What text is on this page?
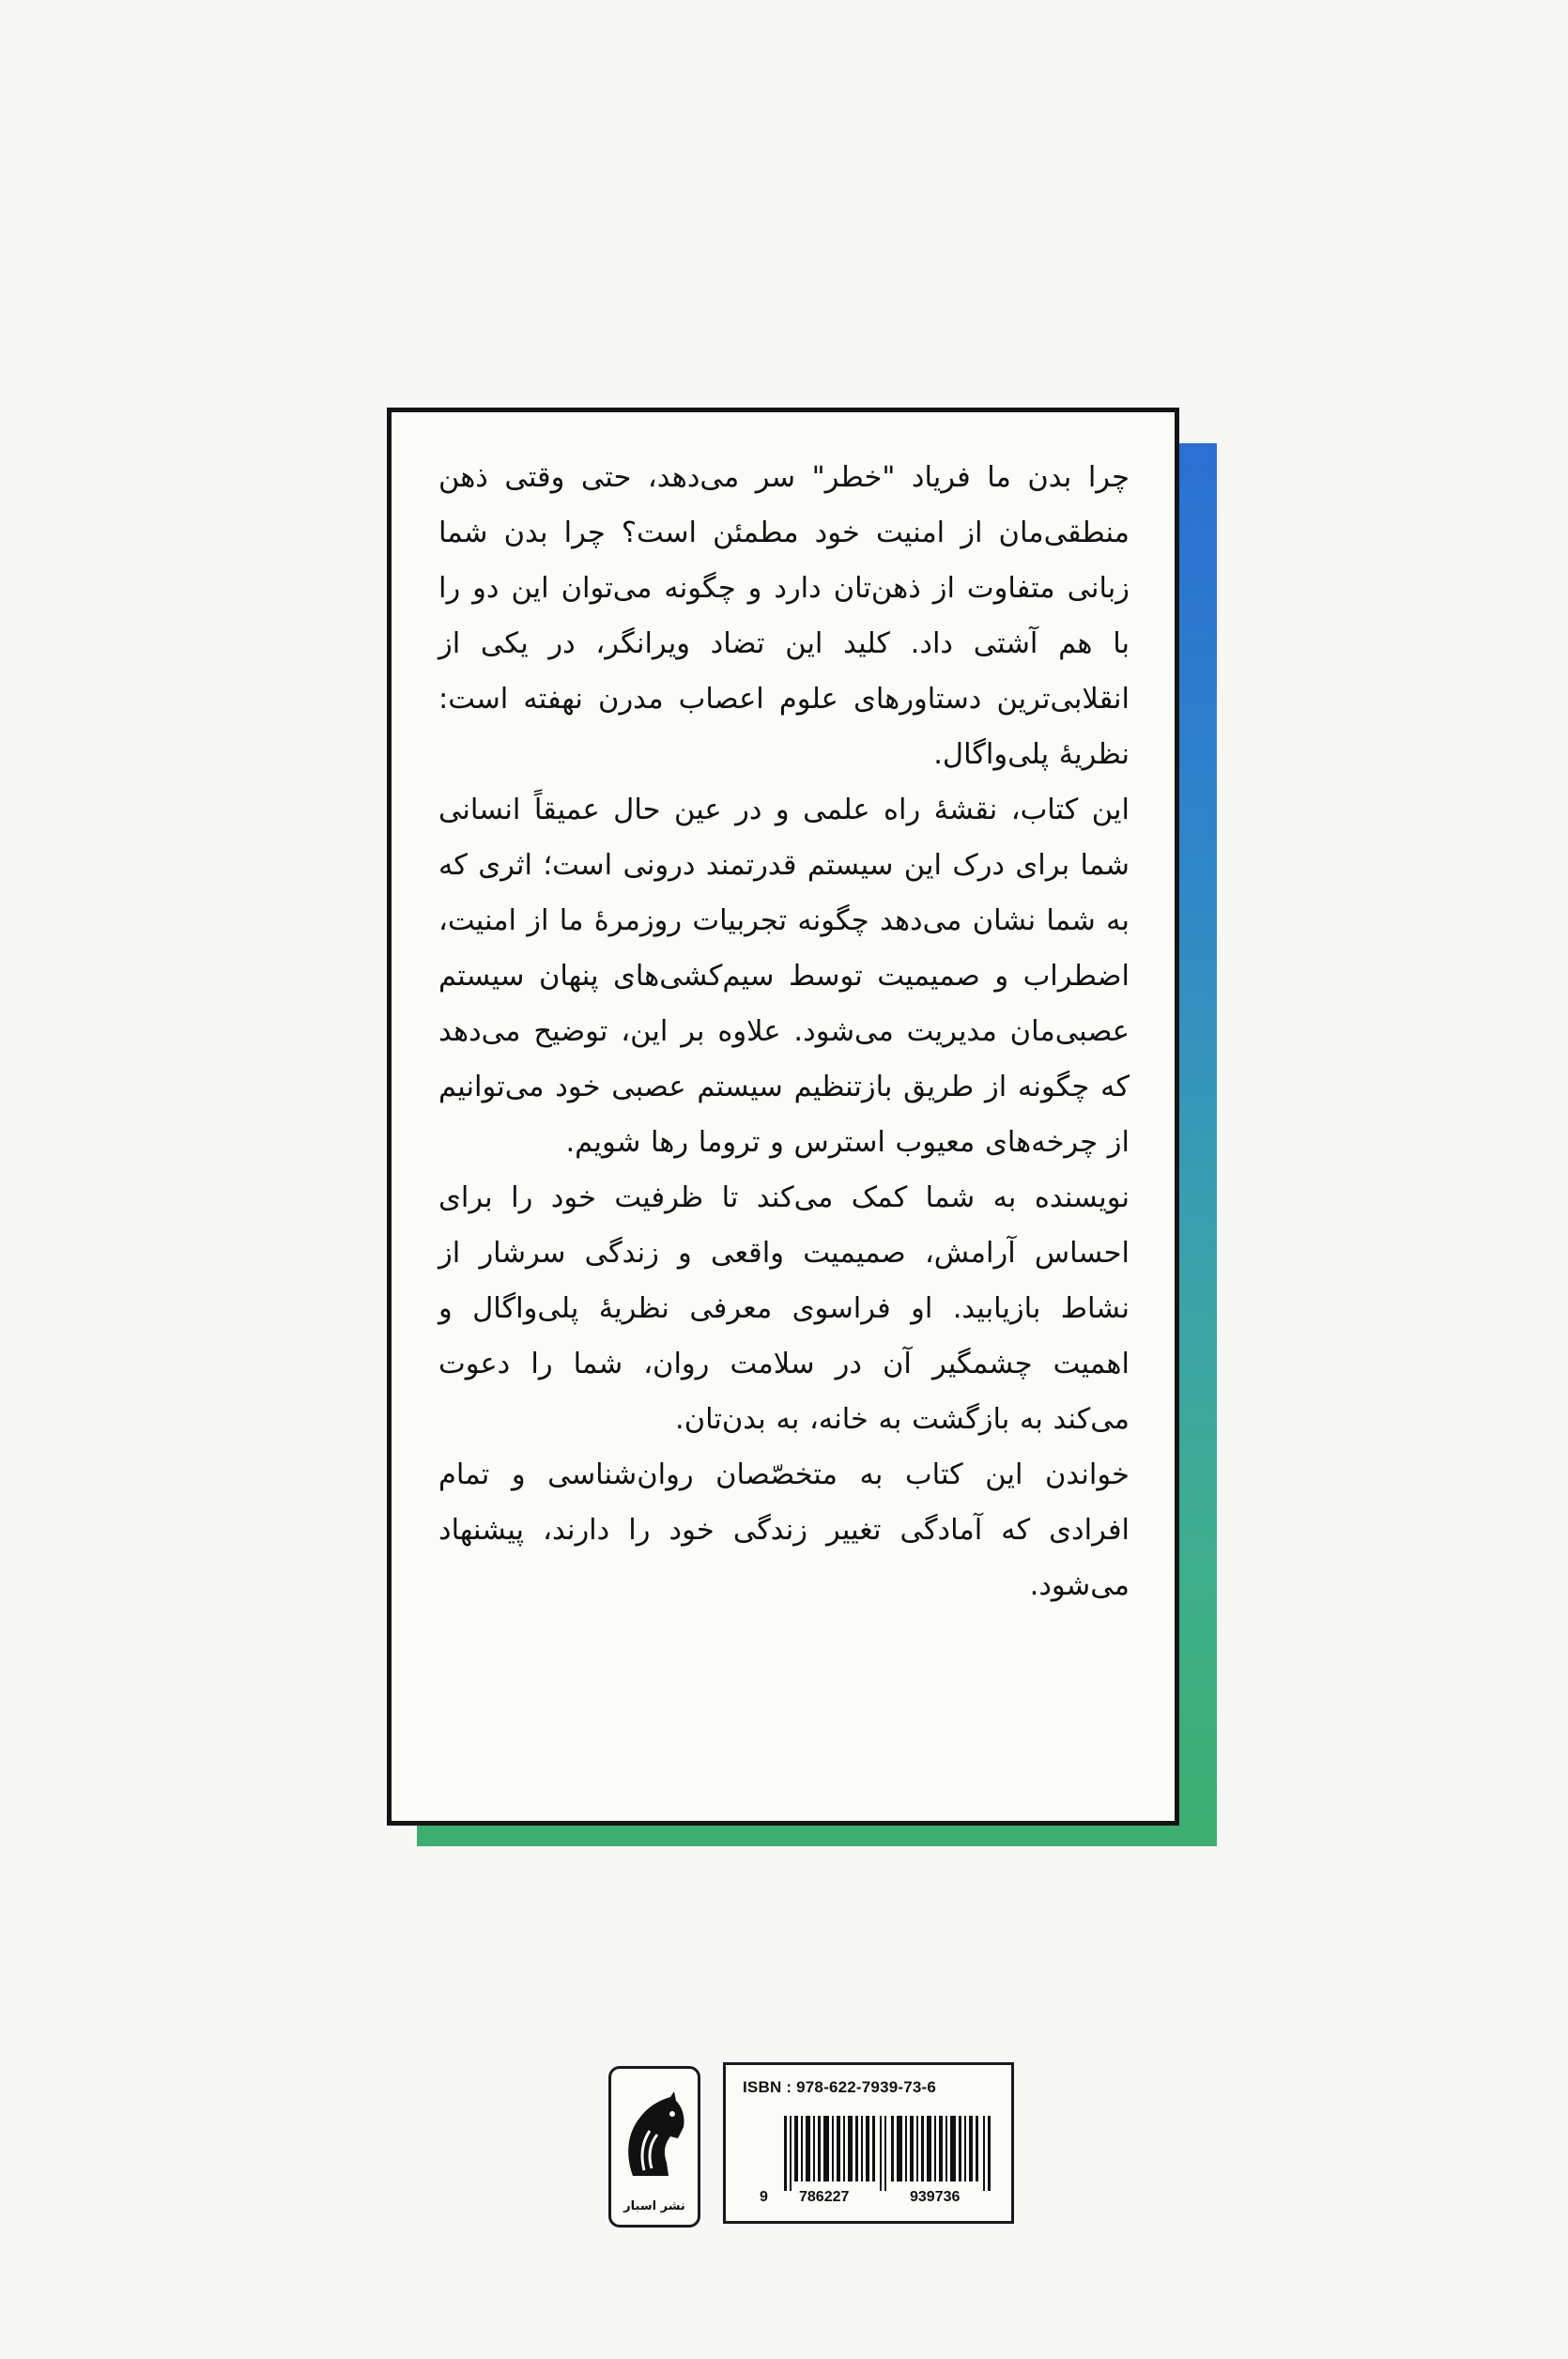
چرا بدن ما فریاد "خطر" سر می‌دهد، حتی وقتی ذهن منطقی‌مان از امنیت خود مطمئن است؟ چرا بدن شما زبانی متفاوت از ذهن‌تان دارد و چگونه می‌توان این دو را با هم آشتی داد. کلید این تضاد ویرانگر، در یکی از انقلابی‌ترین دستاورهای علوم اعصاب مدرن نهفته است: نظریهٔ پلی‌واگال.

این کتاب، نقشهٔ راه علمی و در عین حال عمیقاً انسانی شما برای درک این سیستم قدرتمند درونی است؛ اثری که به شما نشان می‌دهد چگونه تجربیات روزمرهٔ ما از امنیت، اضطراب و صمیمیت توسط سیم‌کشی‌های پنهان سیستم عصبی‌مان مدیریت می‌شود. علاوه بر این، توضیح می‌دهد که چگونه از طریق بازتنظیم سیستم عصبی خود می‌توانیم از چرخه‌های معیوب استرس و تروما رها شویم.

نویسنده به شما کمک می‌کند تا ظرفیت خود را برای احساس آرامش، صمیمیت واقعی و زندگی سرشار از نشاط بازیابید. او فراسوی معرفی نظریهٔ پلی‌واگال و اهمیت چشمگیر آن در سلامت روان، شما را دعوت می‌کند به بازگشت به خانه، به بدن‌تان.

خواندن این کتاب به متخصّصان روان‌شناسی و تمام افرادی که آمادگی تغییر زندگی خود را دارند، پیشنهاد می‌شود.

نشر اسبار
ISBN : 978-622-7939-73-6
9 786227	939736
